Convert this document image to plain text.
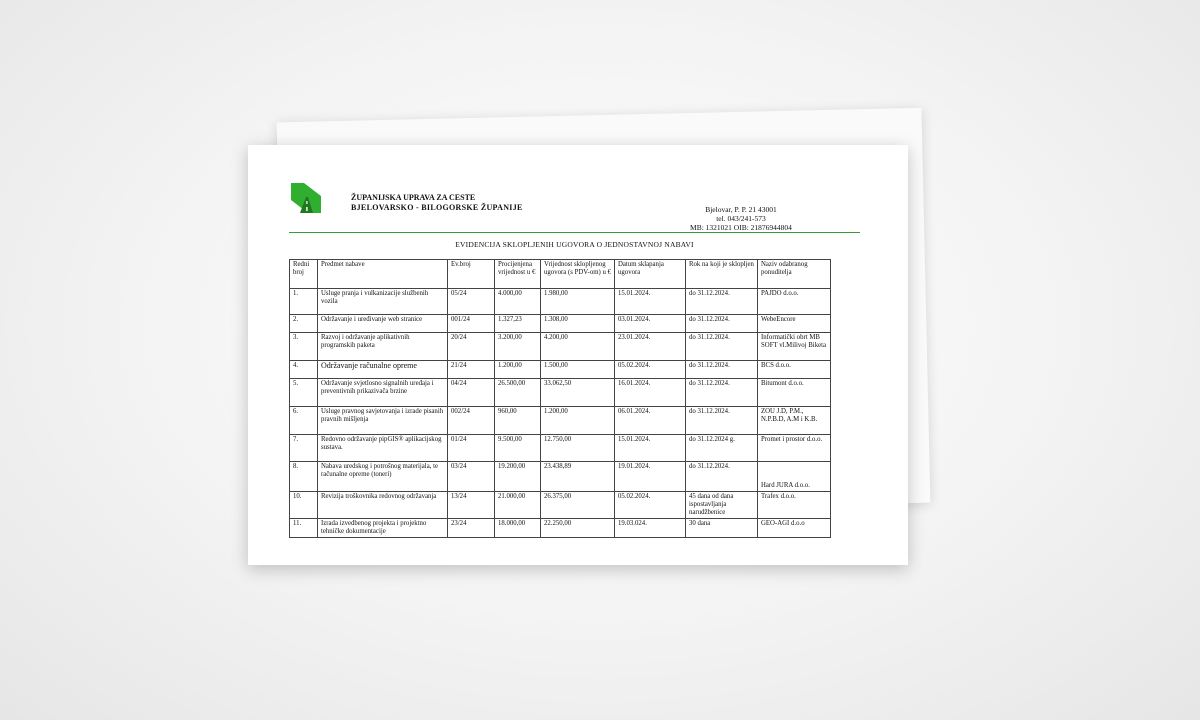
ŽUPANIJSKA UPRAVA ZA CESTE
BJELOVARSKO - BILOGORSKE ŽUPANIJE	Bjelovar, P. P. 21 43001
tel. 043/241-573
MB: 1321021 OIB: 21876944804
EVIDENCIJA SKLOPLJENIH UGOVORA O JEDNOSTAVNOJ NABAVI
Redni broj	Predmet nabave	Ev.broj	Procijenjena vrijednost u €	Vrijednost sklopljenog ugovora (s PDV-om) u €	Datum sklapanja ugovora	Rok na koji je sklopljen	Naziv odabranog ponuditelja
1.	Usluge pranja i vulkanizacije službenih vozila	05/24	4.000,00	1.980,00	15.01.2024.	do 31.12.2024.	PAJDO d.o.o.
2.	Održavanje i uređivanje web stranice	001/24	1.327,23	1.308,00	03.01.2024.	do 31.12.2024.	WebeEncore
3.	Razvoj i održavanje aplikativnih programskih paketa	20/24	3.200,00	4.200,00	23.01.2024.	do 31.12.2024.	Informatički obrt MB SOFT vl.Milivoj Biketa
4.	Održavanje računalne opreme	21/24	1.200,00	1.500,00	05.02.2024.	do 31.12.2024.	BCS d.o.o.
5.	Održavanje svjetlosno signalnih uređaja i preventivnih prikazivača brzine	04/24	26.500,00	33.062,50	16.01.2024.	do 31.12.2024.	Bitumont d.o.o.
6.	Usluge pravnog savjetovanja i izrade pisanih pravnih mišljenja	002/24	960,00	1.200,00	06.01.2024.	do 31.12.2024.	ZOU J.D, P.M., N.P.B.D, A.M i K.B.
7.	Redovno održavanje pipGIS® aplikacijskog sustava.	01/24	9.500,00	12.750,00	15.01.2024.	do 31.12.2024 g.	Promet i prostor d.o.o.
8.	Nabava uredskog i potrošnog materijala, te računalne opreme (toneri)	03/24	19.200,00	23.438,89	19.01.2024.	do 31.12.2024.	Hard JURA d.o.o.
10.	Revizija troškovnika redovnog održavanja	13/24	21.000,00	26.375,00	05.02.2024.	45 dana od dana ispostavljanja narudžbenice	Trafex d.o.o.
11.	Izrada izvedbenog projekta i projektno tehničke dokumentacije	23/24	18.000,00	22.250,00	19.03.024.	30 dana	GEO-AGI d.o.o
